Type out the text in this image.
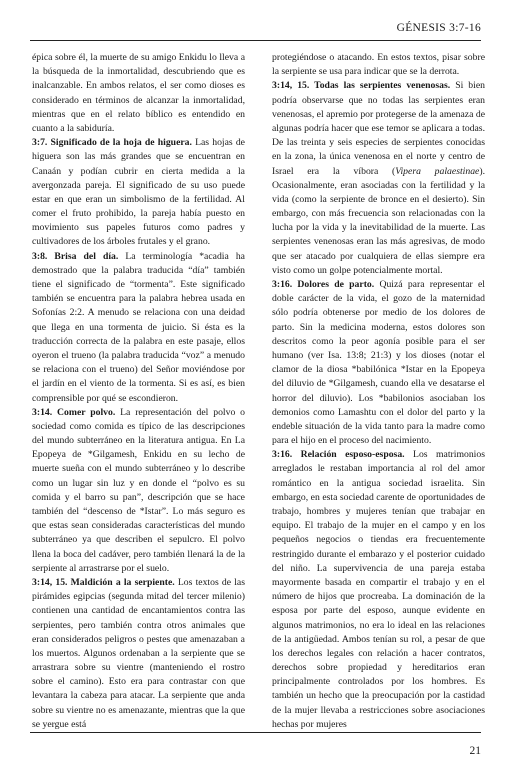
GÉNESIS 3:7-16

épica sobre él, la muerte de su amigo Enkidu lo lleva a la búsqueda de la inmortalidad, descubriendo que es inalcanzable. En ambos relatos, el ser como dioses es considerado en términos de alcanzar la inmortalidad, mientras que en el relato bíblico es entendido en cuanto a la sabiduría.

3:7. Significado de la hoja de higuera. Las hojas de higuera son las más grandes que se encuentran en Canaán y podían cubrir en cierta medida a la avergonzada pareja. El significado de su uso puede estar en que eran un simbolismo de la fertilidad. Al comer el fruto prohibido, la pareja había puesto en movimiento sus papeles futuros como padres y cultivadores de los árboles frutales y el grano.

3:8. Brisa del día. La terminología *acadia ha demostrado que la palabra traducida “día” también tiene el significado de “tormenta”. Este significado también se encuentra para la palabra hebrea usada en Sofonías 2:2. A menudo se relaciona con una deidad que llega en una tormenta de juicio. Si ésta es la traducción correcta de la palabra en este pasaje, ellos oyeron el trueno (la palabra traducida “voz” a menudo se relaciona con el trueno) del Señor moviéndose por el jardín en el viento de la tormenta. Si es así, es bien comprensible por qué se escondieron.

3:14. Comer polvo. La representación del polvo o sociedad como comida es típico de las descripciones del mundo subterráneo en la literatura antigua. En La Epopeya de *Gilgamesh, Enkidu en su lecho de muerte sueña con el mundo subterráneo y lo describe como un lugar sin luz y en donde el “polvo es su comida y el barro su pan”, descripción que se hace también del “descenso de *Istar”. Lo más seguro es que estas sean consideradas características del mundo subterráneo ya que describen el sepulcro. El polvo llena la boca del cadáver, pero también llenará la de la serpiente al arrastrarse por el suelo.

3:14, 15. Maldición a la serpiente. Los textos de las pirámides egipcias (segunda mitad del tercer milenio) contienen una cantidad de encantamientos contra las serpientes, pero también contra otros animales que eran considerados peligros o pestes que amenazaban a los muertos. Algunos ordenaban a la serpiente que se arrastrara sobre su vientre (manteniendo el rostro sobre el camino). Esto era para contrastar con que levantara la cabeza para atacar. La serpiente que anda sobre su vientre no es amenazante, mientras que la que se yergue está

protegiéndose o atacando. En estos textos, pisar sobre la serpiente se usa para indicar que se la derrota.

3:14, 15. Todas las serpientes venenosas. Si bien podría observarse que no todas las serpientes eran venenosas, el apremio por protegerse de la amenaza de algunas podría hacer que ese temor se aplicara a todas. De las treinta y seis especies de serpientes conocidas en la zona, la única venenosa en el norte y centro de Israel era la víbora (Vipera palaestinae). Ocasionalmente, eran asociadas con la fertilidad y la vida (como la serpiente de bronce en el desierto). Sin embargo, con más frecuencia son relacionadas con la lucha por la vida y la inevitabilidad de la muerte. Las serpientes venenosas eran las más agresivas, de modo que ser atacado por cualquiera de ellas siempre era visto como un golpe potencialmente mortal.

3:16. Dolores de parto. Quizá para representar el doble carácter de la vida, el gozo de la maternidad sólo podría obtenerse por medio de los dolores de parto. Sin la medicina moderna, estos dolores son descritos como la peor agonía posible para el ser humano (ver Isa. 13:8; 21:3) y los dioses (notar el clamor de la diosa *babilónica *Istar en la Epopeya del diluvio de *Gilgamesh, cuando ella ve desatarse el horror del diluvio). Los *babilonios asociaban los demonios como Lamashtu con el dolor del parto y la endeble situación de la vida tanto para la madre como para el hijo en el proceso del nacimiento.

3:16. Relación esposo-esposa. Los matrimonios arreglados le restaban importancia al rol del amor romántico en la antigua sociedad israelita. Sin embargo, en esta sociedad carente de oportunidades de trabajo, hombres y mujeres tenían que trabajar en equipo. El trabajo de la mujer en el campo y en los pequeños negocios o tiendas era frecuentemente restringido durante el embarazo y el posterior cuidado del niño. La supervivencia de una pareja estaba mayormente basada en compartir el trabajo y en el número de hijos que procreaba. La dominación de la esposa por parte del esposo, aunque evidente en algunos matrimonios, no era lo ideal en las relaciones de la antigüedad. Ambos tenían su rol, a pesar de que los derechos legales con relación a hacer contratos, derechos sobre propiedad y hereditarios eran principalmente controlados por los hombres. Es también un hecho que la preocupación por la castidad de la mujer llevaba a restricciones sobre asociaciones hechas por mujeres

21
